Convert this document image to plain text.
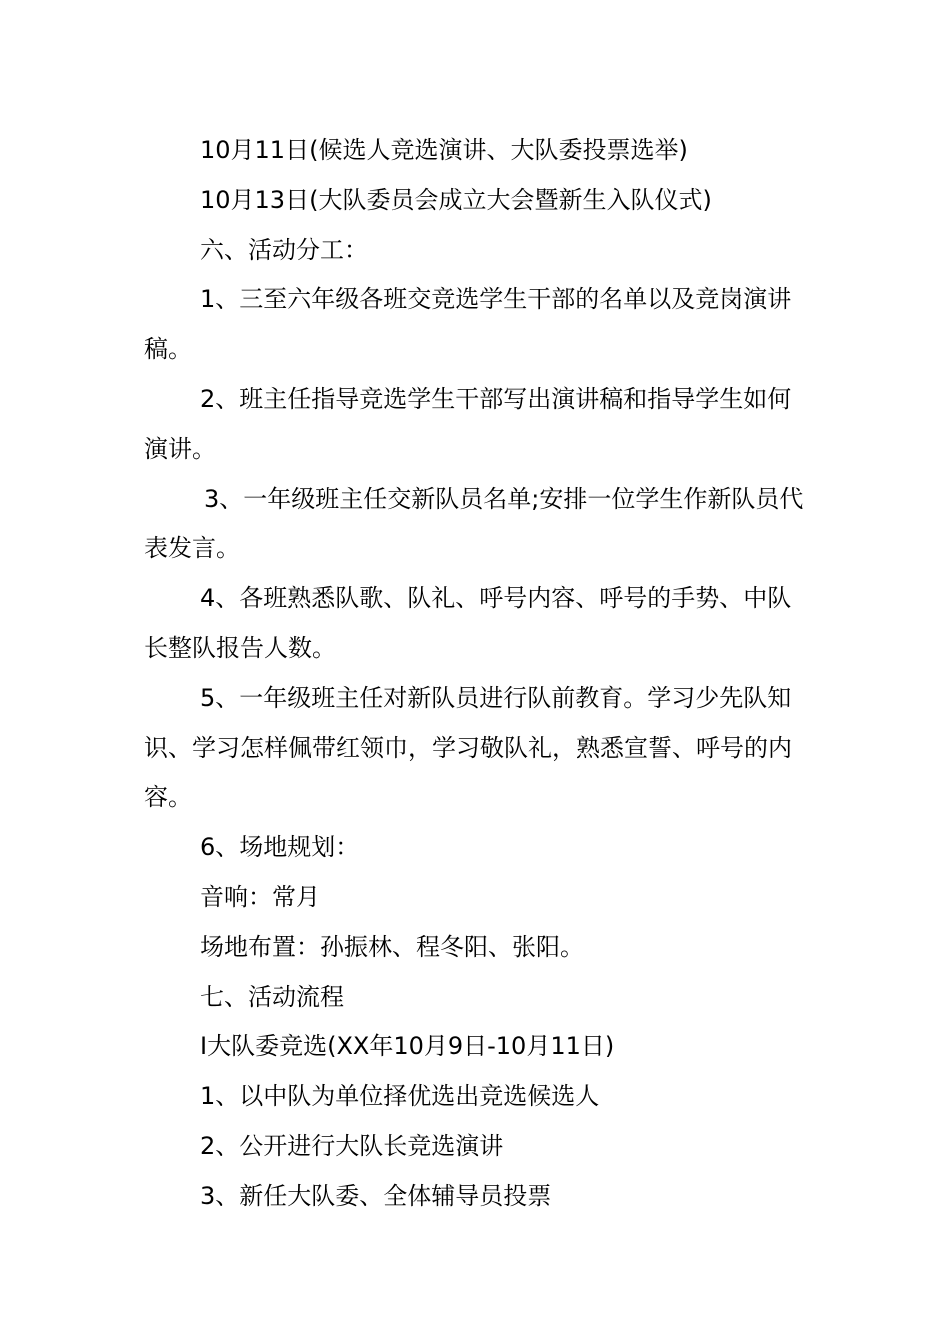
10月11日(候选人竞选演讲、大队委投票选举)

10月13日(大队委员会成立大会暨新生入队仪式)

六、活动分工：

1、三至六年级各班交竞选学生干部的名单以及竞岗演讲稿。

2、班主任指导竞选学生干部写出演讲稿和指导学生如何演讲。

3、一年级班主任交新队员名单;安排一位学生作新队员代表发言。

4、各班熟悉队歌、队礼、呼号内容、呼号的手势、中队长整队报告人数。

5、一年级班主任对新队员进行队前教育。学习少先队知识、学习怎样佩带红领巾，学习敬队礼，熟悉宣誓、呼号的内容。

6、场地规划：

音响：常月

场地布置：孙振林、程冬阳、张阳。

七、活动流程

I大队委竞选(XX年10月9日-10月11日)

1、以中队为单位择优选出竞选候选人

2、公开进行大队长竞选演讲

3、新任大队委、全体辅导员投票
